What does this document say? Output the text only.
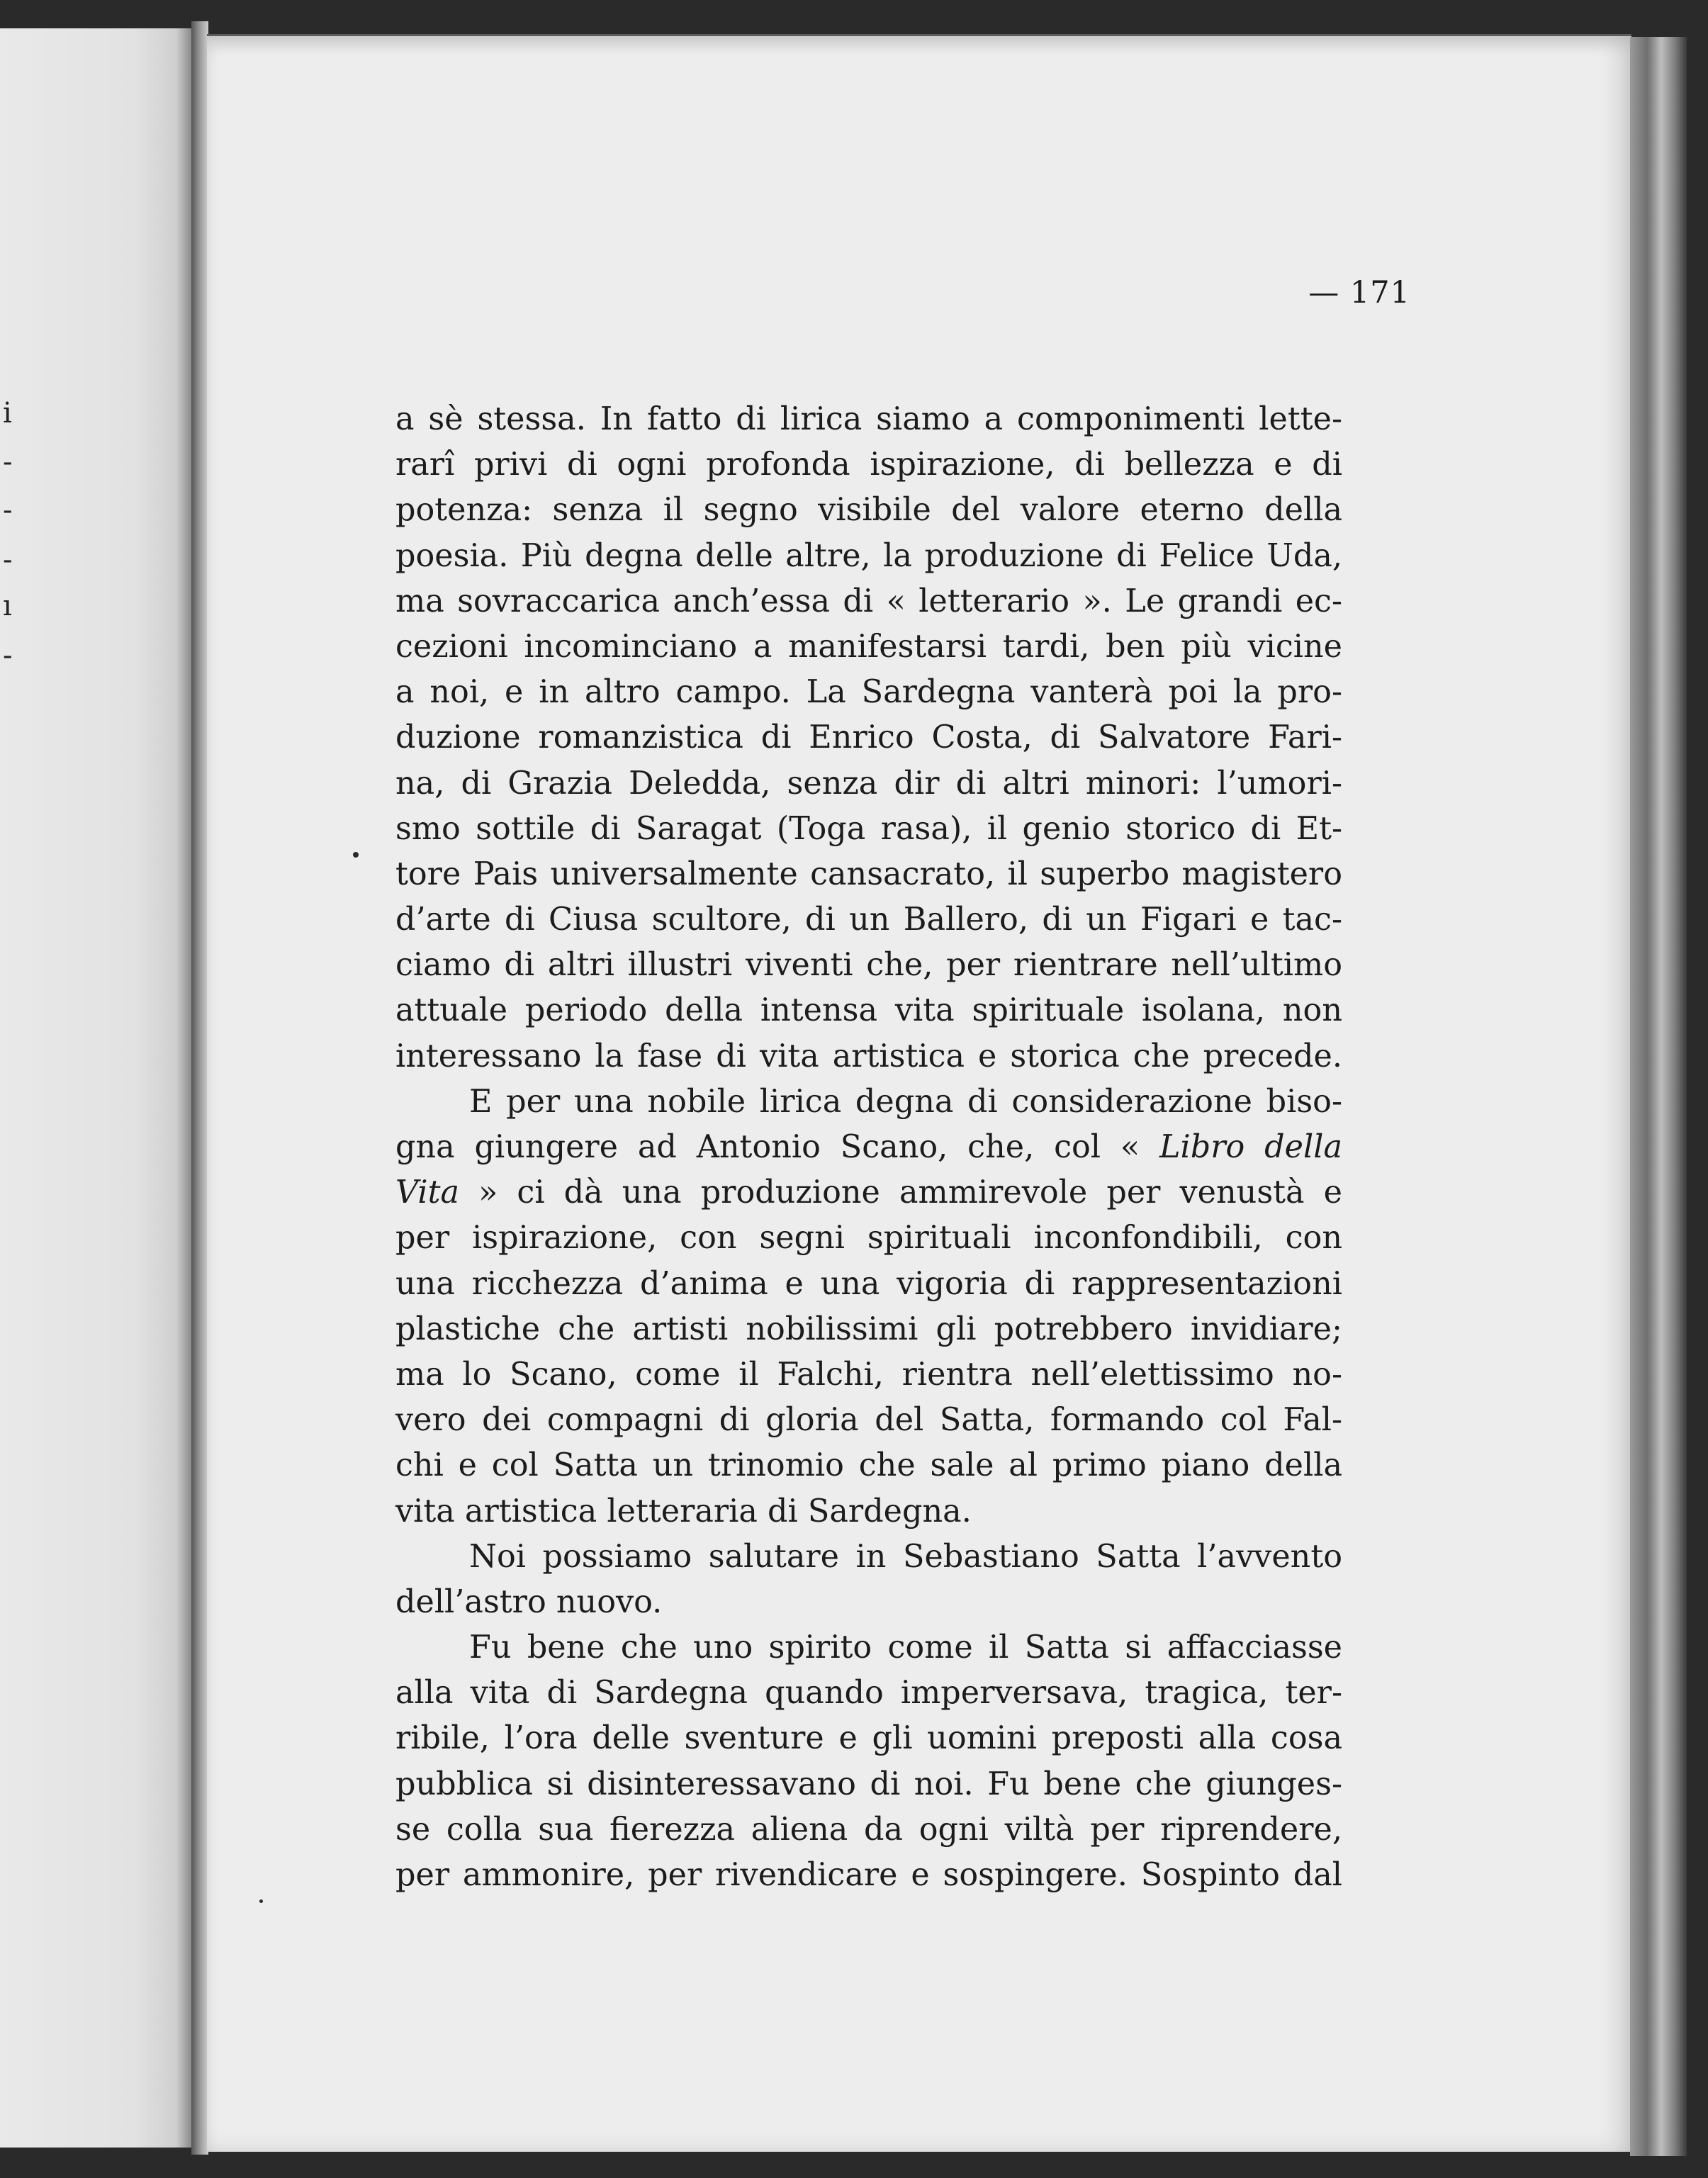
i
-
-
-
ı
-
— 171
a sè stessa. In fatto di lirica siamo a componimenti lette-
rarî privi di ogni profonda ispirazione, di bellezza e di
potenza: senza il segno visibile del valore eterno della
poesia. Più degna delle altre, la produzione di Felice Uda,
ma sovraccarica anch’essa di « letterario ». Le grandi ec-
cezioni incominciano a manifestarsi tardi, ben più vicine
a noi, e in altro campo. La Sardegna vanterà poi la pro-
duzione romanzistica di Enrico Costa, di Salvatore Fari-
na, di Grazia Deledda, senza dir di altri minori: l’umori-
smo sottile di Saragat (Toga rasa), il genio storico di Et-
tore Pais universalmente cansacrato, il superbo magistero
d’arte di Ciusa scultore, di un Ballero, di un Figari e tac-
ciamo di altri illustri viventi che, per rientrare nell’ultimo
attuale periodo della intensa vita spirituale isolana, non
interessano la fase di vita artistica e storica che precede.
E per una nobile lirica degna di considerazione biso-
gna giungere ad Antonio Scano, che, col « Libro della
Vita » ci dà una produzione ammirevole per venustà e
per ispirazione, con segni spirituali inconfondibili, con
una ricchezza d’anima e una vigoria di rappresentazioni
plastiche che artisti nobilissimi gli potrebbero invidiare;
ma lo Scano, come il Falchi, rientra nell’elettissimo no-
vero dei compagni di gloria del Satta, formando col Fal-
chi e col Satta un trinomio che sale al primo piano della
vita artistica letteraria di Sardegna.
Noi possiamo salutare in Sebastiano Satta l’avvento
dell’astro nuovo.
Fu bene che uno spirito come il Satta si affacciasse
alla vita di Sardegna quando imperversava, tragica, ter-
ribile, l’ora delle sventure e gli uomini preposti alla cosa
pubblica si disinteressavano di noi. Fu bene che giunges-
se colla sua fierezza aliena da ogni viltà per riprendere,
per ammonire, per rivendicare e sospingere. Sospinto dal
